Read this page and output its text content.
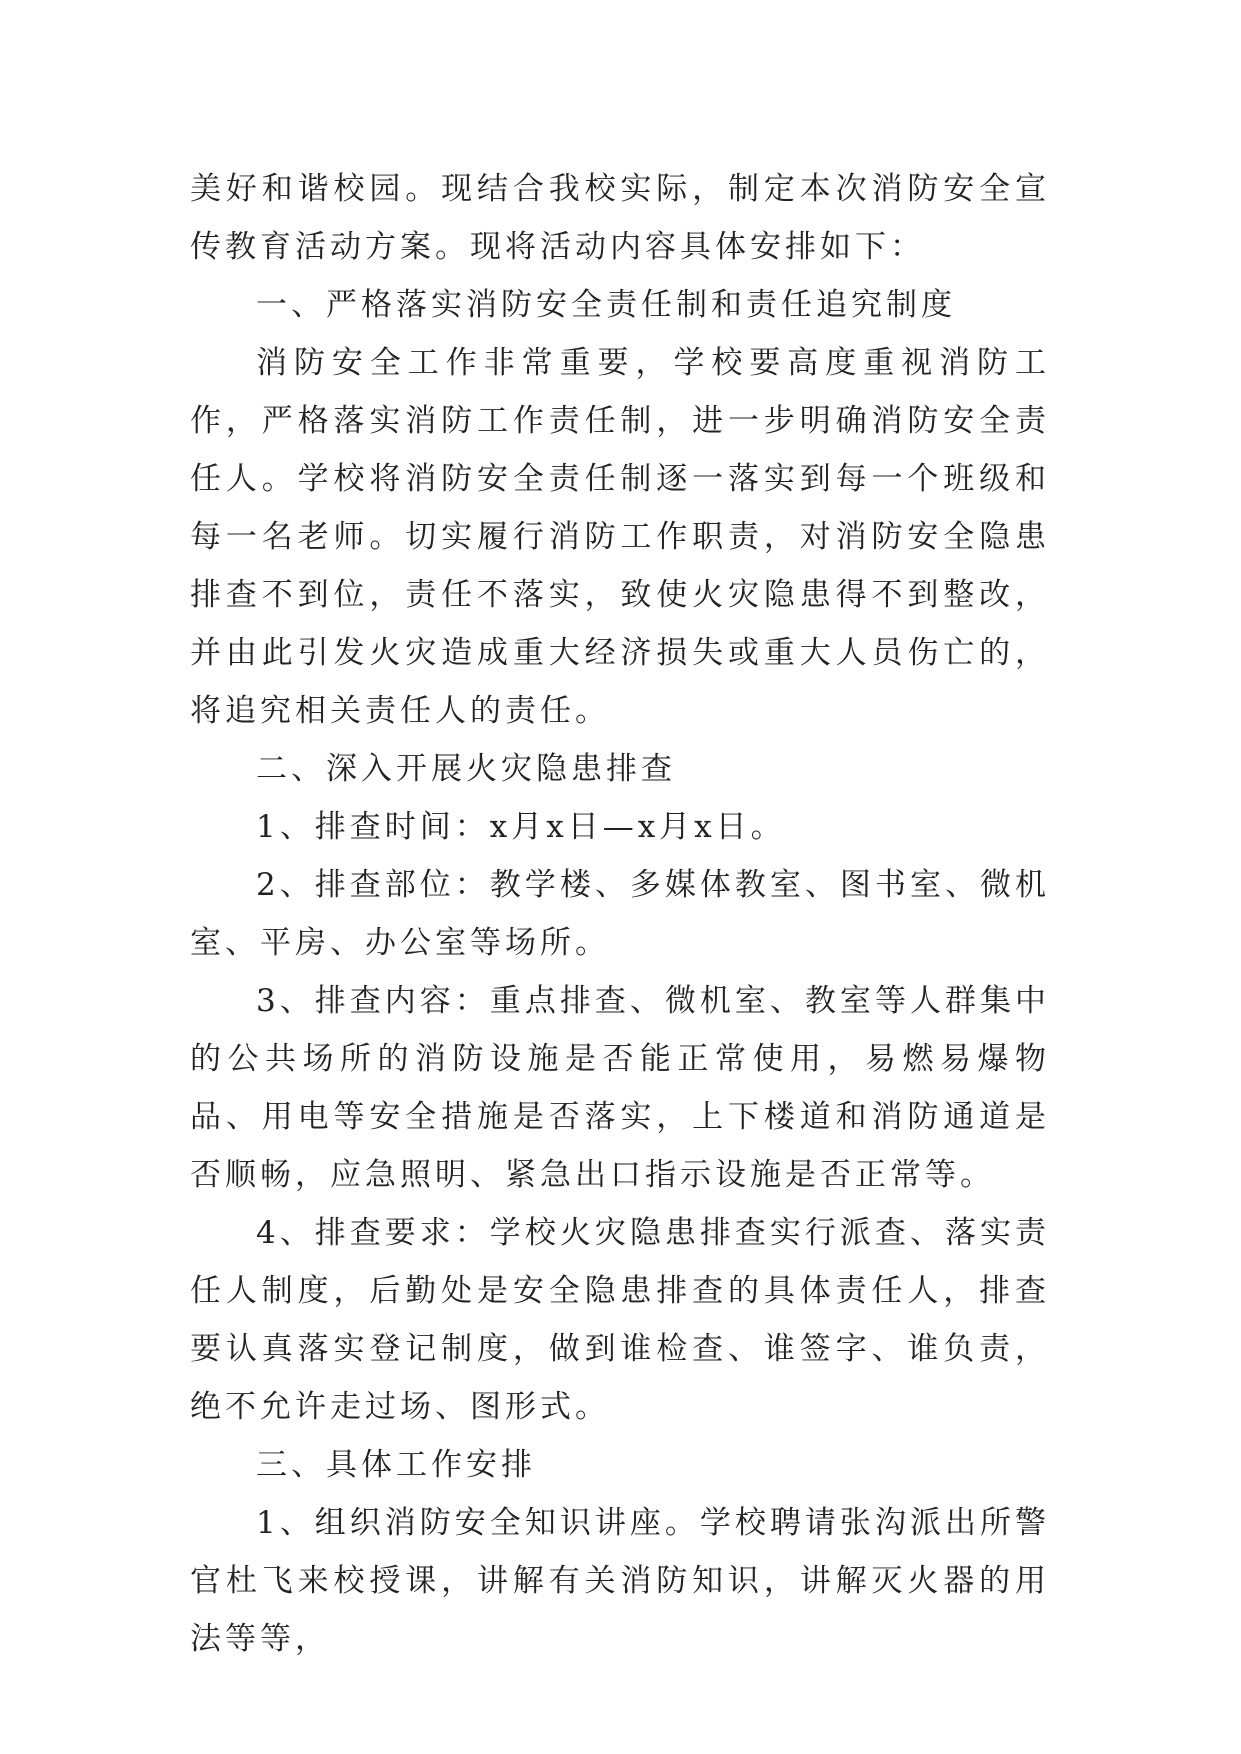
美好和谐校园。现结合我校实际，制定本次消防安全宣传教育活动方案。现将活动内容具体安排如下：

一、严格落实消防安全责任制和责任追究制度

消防安全工作非常重要，学校要高度重视消防工作，严格落实消防工作责任制，进一步明确消防安全责任人。学校将消防安全责任制逐一落实到每一个班级和每一名老师。切实履行消防工作职责，对消防安全隐患排查不到位，责任不落实，致使火灾隐患得不到整改，并由此引发火灾造成重大经济损失或重大人员伤亡的，将追究相关责任人的责任。

二、深入开展火灾隐患排查

1、排查时间：x月x日—x月x日。

2、排查部位：教学楼、多媒体教室、图书室、微机室、平房、办公室等场所。

3、排查内容：重点排查、微机室、教室等人群集中的公共场所的消防设施是否能正常使用，易燃易爆物品、用电等安全措施是否落实，上下楼道和消防通道是否顺畅，应急照明、紧急出口指示设施是否正常等。

4、排查要求：学校火灾隐患排查实行派查、落实责任人制度，后勤处是安全隐患排查的具体责任人，排查要认真落实登记制度，做到谁检查、谁签字、谁负责，绝不允许走过场、图形式。

三、具体工作安排

1、组织消防安全知识讲座。学校聘请张沟派出所警官杜飞来校授课，讲解有关消防知识，讲解灭火器的用法等等，
